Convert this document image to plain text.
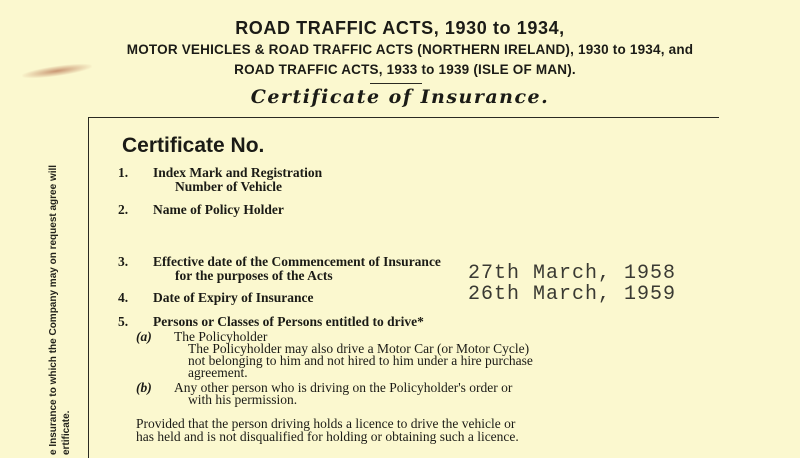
ROAD TRAFFIC ACTS, 1930 to 1934,
MOTOR VEHICLES & ROAD TRAFFIC ACTS (NORTHERN IRELAND), 1930 to 1934, and
ROAD TRAFFIC ACTS, 1933 to 1939 (ISLE OF MAN).
Certificate of Insurance.
e Insurance to which the Company may on request agree will ertificate.
Certificate No.
1. Index Mark and Registration
Number of Vehicle
2. Name of Policy Holder
3. Effective date of the Commencement of Insurance
for the purposes of the Acts	27th March, 1958
4. Date of Expiry of Insurance	26th March, 1959
5. Persons or Classes of Persons entitled to drive*
(a) The Policyholder
The Policyholder may also drive a Motor Car (or Motor Cycle)
not belonging to him and not hired to him under a hire purchase
agreement.
(b) Any other person who is driving on the Policyholder's order or
with his permission.
Provided that the person driving holds a licence to drive the vehicle or
has held and is not disqualified for holding or obtaining such a licence.
